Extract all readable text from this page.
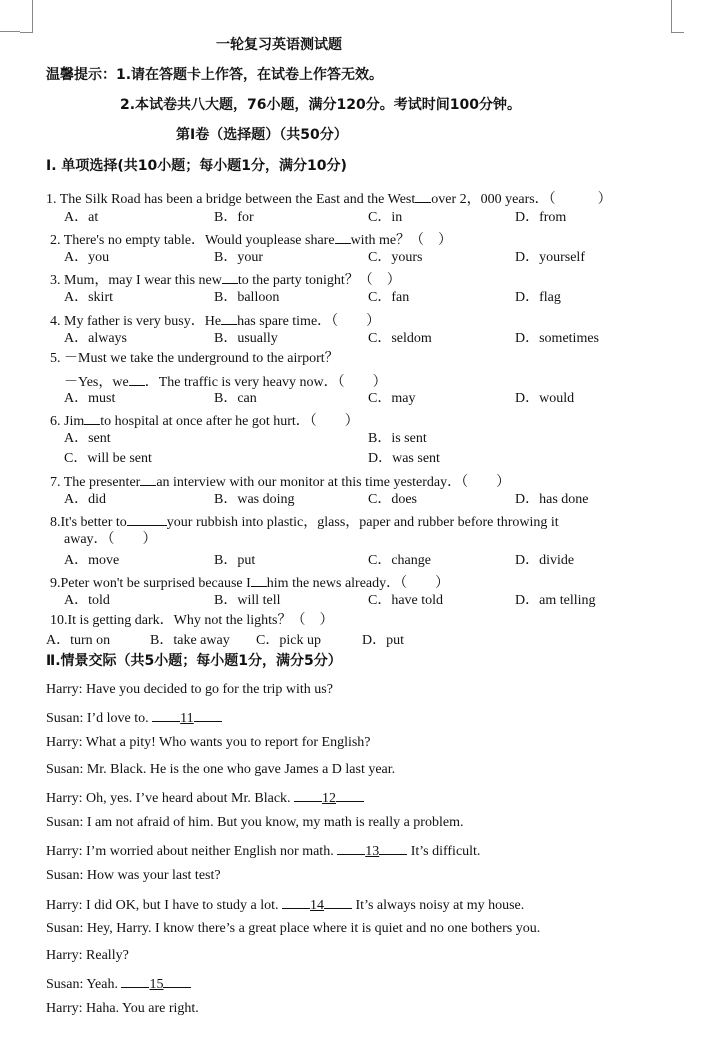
一轮复习英语测试题
温馨提示：1.请在答题卡上作答，在试卷上作答无效。
2.本试卷共八大题，76小题，满分120分。考试时间100分钟。
第Ⅰ卷（选择题）（共50分）
I. 单项选择(共10小题；每小题1分，满分10分)
1. The Silk Road has been a bridge between the East and the West over 2，000 years．（　　　）
A．at	B．for	C．in	D．from
2. There's no empty table．Would youplease share with me？（　）
A．you	B．your	C．yours	D．yourself
3. Mum，may I wear this new to the party tonight？（　）
A．skirt	B．balloon	C．fan	D．flag
4. My father is very busy．He has spare time．（　　）
A．always	B．usually	C．seldom	D．sometimes
5. －Must we take the underground to the airport？
－Yes，we ．The traffic is very heavy now．（　　）
A．must	B．can	C．may	D．would
6. Jim to hospital at once after he got hurt．（　　）
A．sent	B．is sent
C．will be sent	D．was sent
7. The presenter an interview with our monitor at this time yesterday．（　　）
A．did	B．was doing	C．does	D．has done
8.It's better to	your rubbish into plastic，glass，paper and rubber before throwing it
away．（　　）
A．move	B．put	C．change	D．divide
9.Peter won't be surprised because I him the news already．（　　）
A．told	B．will tell	C．have told	D．am telling
10.It is getting dark．Why not the lights？（　）
A．turn on	B．take away C．pick up	D．put
Ⅱ.情景交际（共5小题；每小题1分，满分5分）
Harry: Have you decided to go for the trip with us?
Susan: I’d love to. 11
Harry: What a pity! Who wants you to report for English?
Susan: Mr. Black. He is the one who gave James a D last year.
Harry: Oh, yes. I’ve heard about Mr. Black. 12
Susan: I am not afraid of him. But you know, my math is really a problem.
Harry: I’m worried about neither English nor math. 13 It’s difficult.
Susan: How was your last test?
Harry: I did OK, but I have to study a lot. 14 It’s always noisy at my house.
Susan: Hey, Harry. I know there’s a great place where it is quiet and no one bothers you.
Harry: Really?
Susan: Yeah. 15
Harry: Haha. You are right.
